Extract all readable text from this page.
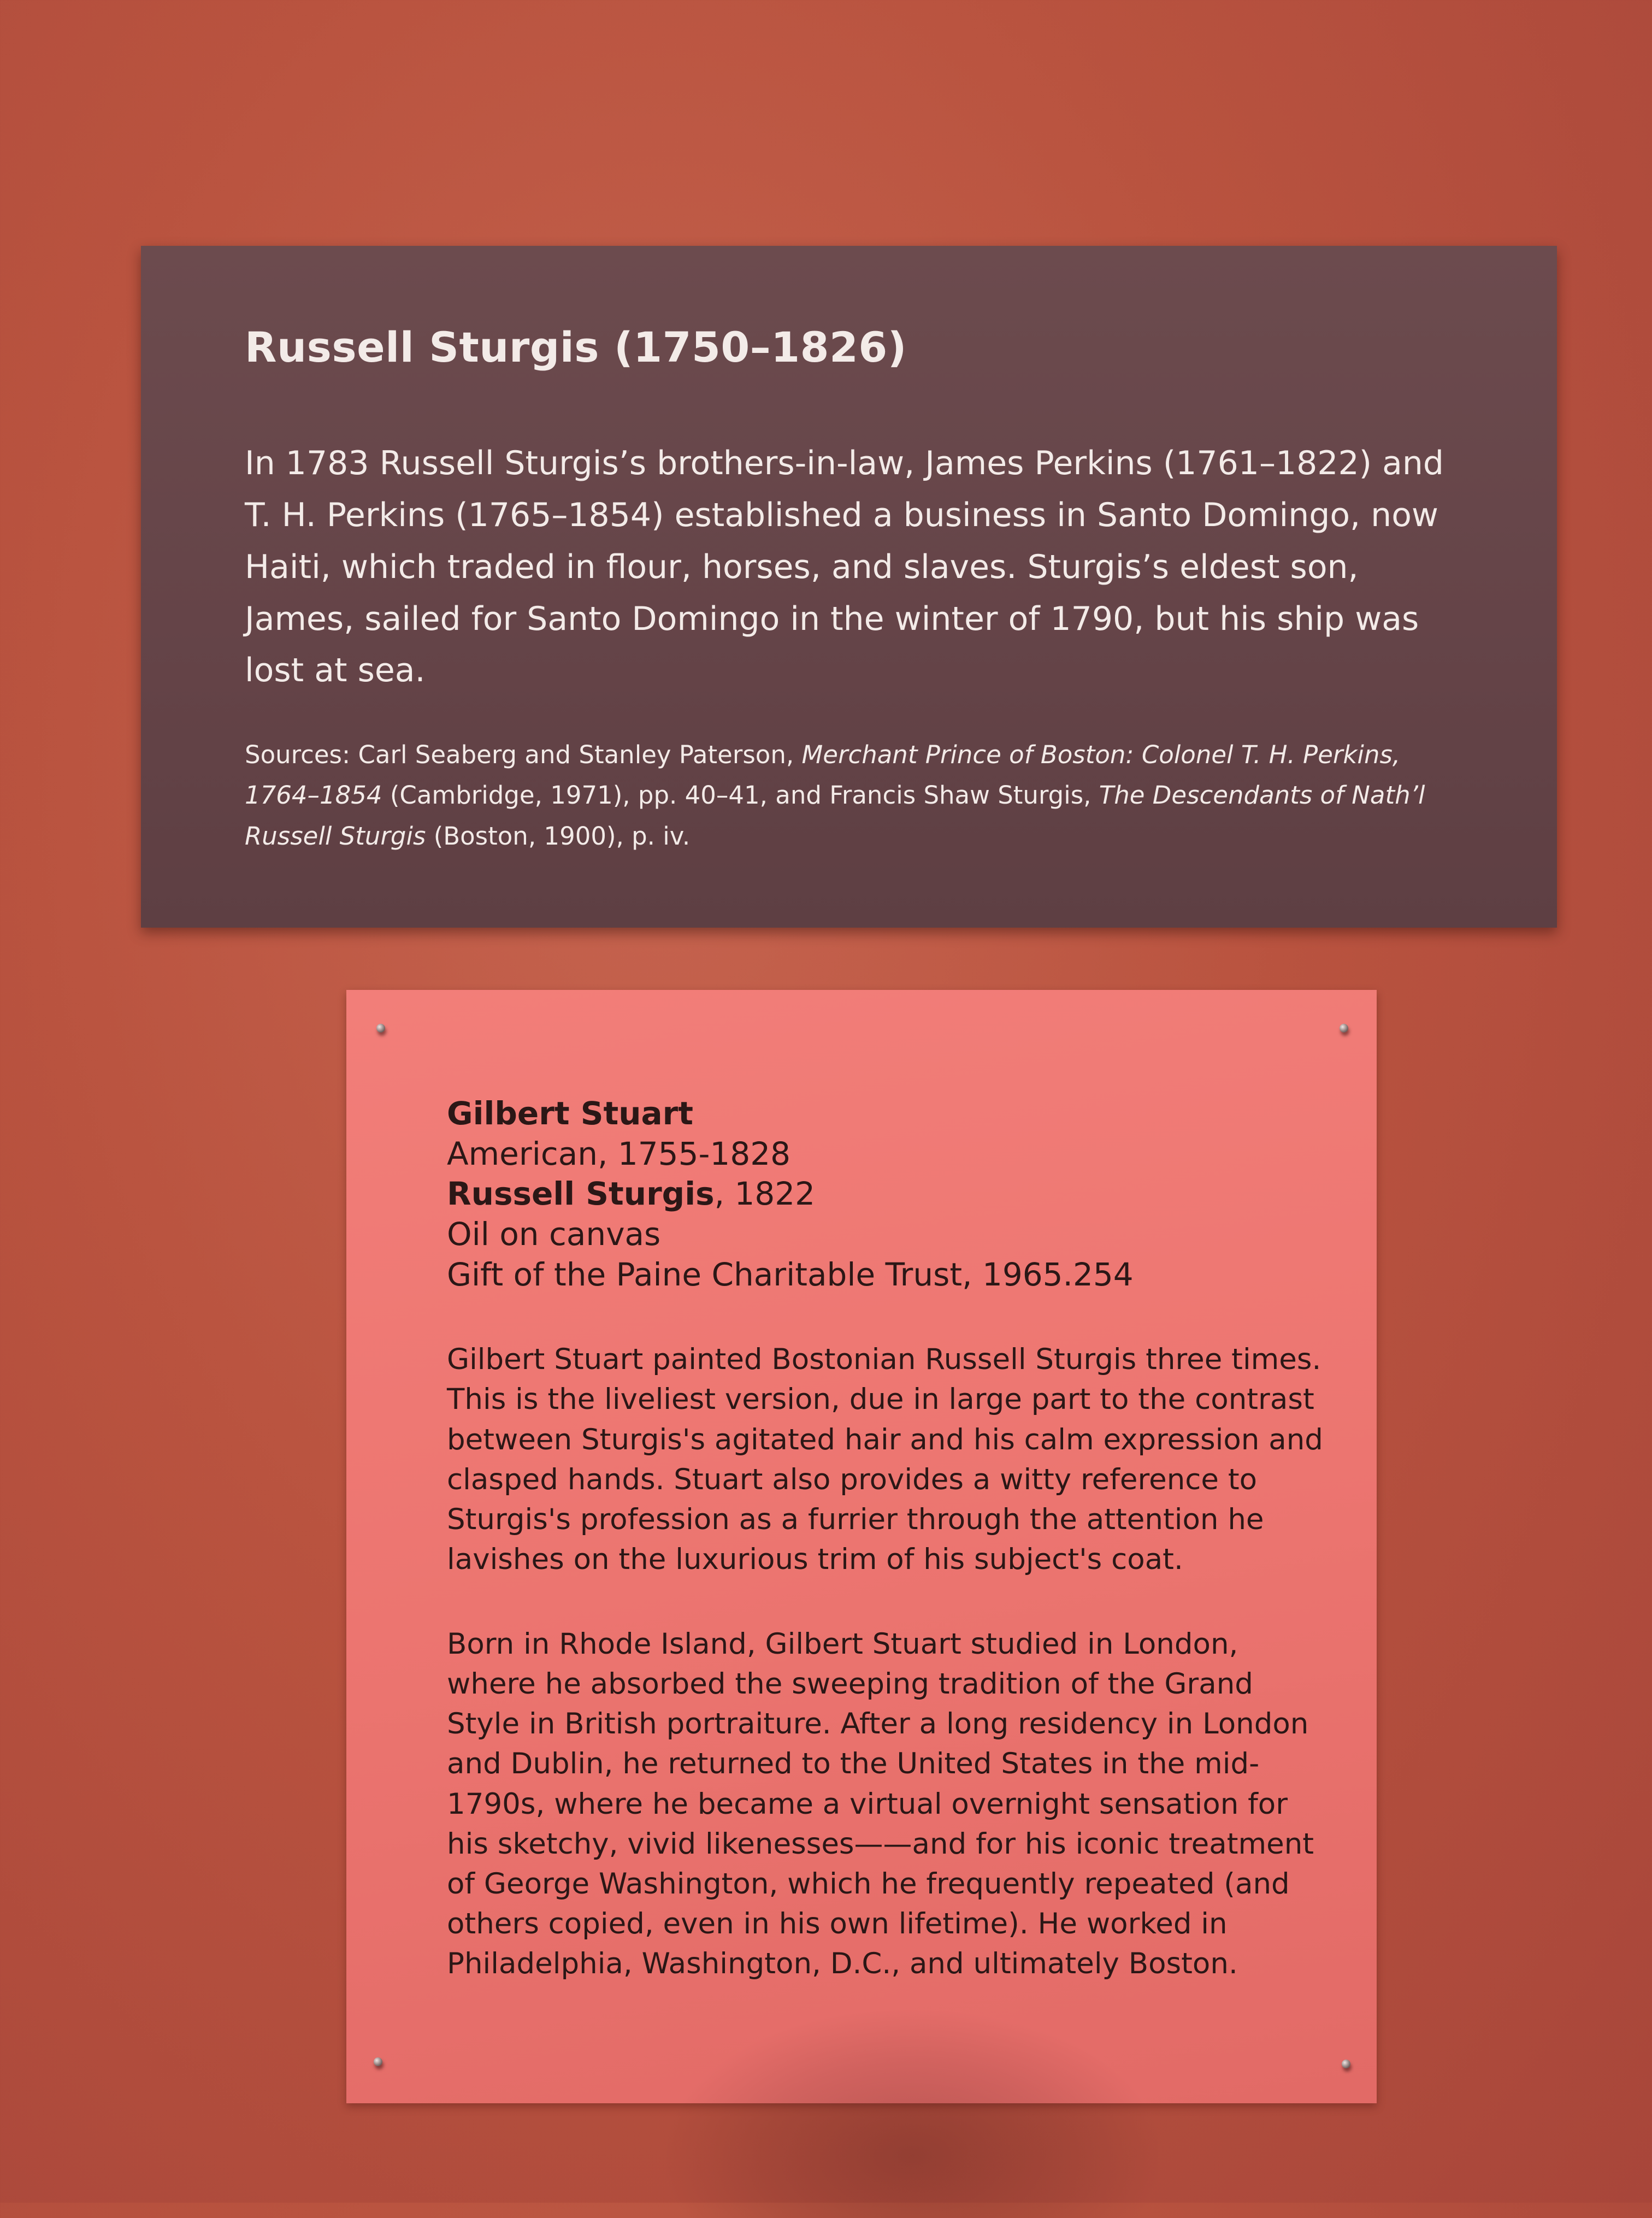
Russell Sturgis (1750–1826)

In 1783 Russell Sturgis’s brothers-in-law, James Perkins (1761–1822) and T. H. Perkins (1765–1854) established a business in Santo Domingo, now Haiti, which traded in flour, horses, and slaves. Sturgis’s eldest son, James, sailed for Santo Domingo in the winter of 1790, but his ship was lost at sea.

Sources: Carl Seaberg and Stanley Paterson, Merchant Prince of Boston: Colonel T. H. Perkins, 1764–1854 (Cambridge, 1971), pp. 40–41, and Francis Shaw Sturgis, The Descendants of Nath’l Russell Sturgis (Boston, 1900), p. iv.

Gilbert Stuart
American, 1755-1828
Russell Sturgis, 1822
Oil on canvas
Gift of the Paine Charitable Trust, 1965.254

Gilbert Stuart painted Bostonian Russell Sturgis three times. This is the liveliest version, due in large part to the contrast between Sturgis's agitated hair and his calm expression and clasped hands. Stuart also provides a witty reference to Sturgis's profession as a furrier through the attention he lavishes on the luxurious trim of his subject's coat.

Born in Rhode Island, Gilbert Stuart studied in London, where he absorbed the sweeping tradition of the Grand Style in British portraiture. After a long residency in London and Dublin, he returned to the United States in the mid-1790s, where he became a virtual overnight sensation for his sketchy, vivid likenesses——and for his iconic treatment of George Washington, which he frequently repeated (and others copied, even in his own lifetime). He worked in Philadelphia, Washington, D.C., and ultimately Boston.
